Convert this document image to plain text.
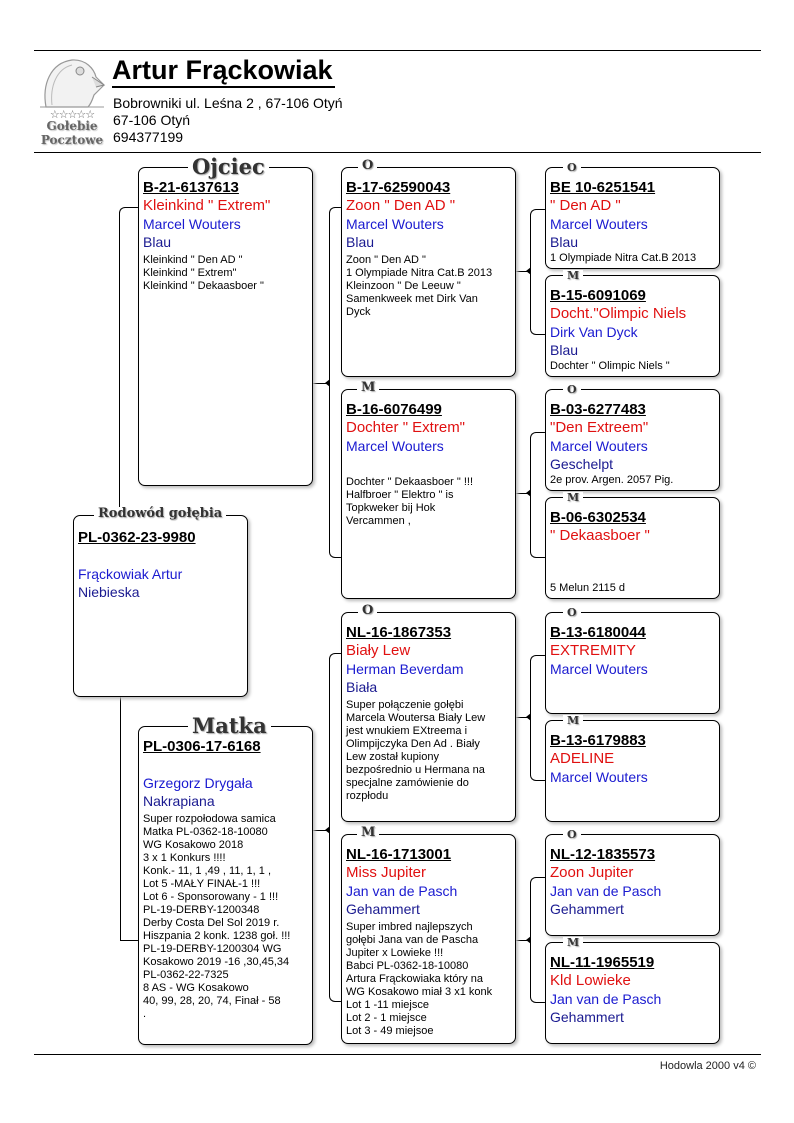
☆☆☆☆☆
Gołebie
Pocztowe
Artur Frąckowiak
Bobrowniki ul. Leśna 2 , 67-106 Otyń
67-106 Otyń
694377199
PL-0362-23-9980
Frąckowiak Artur
Niebieska
Rodowód gołębia
B-21-6137613
Kleinkind " Extrem"
Marcel Wouters
Blau
Kleinkind " Den AD "
Kleinkind " Extrem"
Kleinkind " Dekaasboer "
Ojciec
PL-0306-17-6168
Grzegorz Drygała
Nakrapiana
Super rozpołodowa samica
Matka PL-0362-18-10080
WG Kosakowo 2018
3 x 1 Konkurs !!!!
Konk.- 11, 1 ,49 , 11, 1, 1 ,
Lot 5 -MAŁY FINAŁ-1 !!!
Lot 6 - Sponsorowany - 1 !!!
PL-19-DERBY-1200348
Derby Costa Del Sol 2019 r.
Hiszpania 2 konk. 1238 goł. !!!
PL-19-DERBY-1200304 WG
Kosakowo 2019 -16 ,30,45,34
PL-0362-22-7325
8 AS - WG Kosakowo
40, 99, 28, 20, 74, Finał - 58
.
Matka
B-17-62590043
Zoon " Den AD "
Marcel Wouters
Blau
Zoon " Den AD "
1 Olympiade Nitra Cat.B 2013
Kleinzoon " De Leeuw "
Samenkweek met Dirk Van
Dyck
O
B-16-6076499
Dochter " Extrem"
Marcel Wouters
Dochter " Dekaasboer " !!!
Halfbroer " Elektro " is
Topkweker bij Hok
Vercammen ,
M
NL-16-1867353
Biały Lew
Herman Beverdam
Biała
Super połączenie gołębi
Marcela Woutersa Biały Lew
jest wnukiem EXtreema i
Olimpijczyka Den Ad . Biały
Lew został kupiony
bezpośrednio u Hermana na
specjalne zamówienie do
rozpłodu
O
NL-16-1713001
Miss Jupiter
Jan van de Pasch
Gehammert
Super imbred najlepszych
gołębi Jana van de Pascha
Jupiter x Lowieke !!!
Babci PL-0362-18-10080
Artura Frąckowiaka który na
WG Kosakowo miał 3 x1 konk
Lot 1 -11 miejsce
Lot 2 - 1 miejsce
Lot 3 - 49 miejsoe
M
BE 10-6251541
" Den AD "
Marcel Wouters
Blau
1 Olympiade Nitra Cat.B 2013
O
B-15-6091069
Docht."Olimpic Niels
Dirk Van Dyck
Blau
Dochter " Olimpic Niels "
M
B-03-6277483
"Den Extreem"
Marcel Wouters
Geschelpt
2e prov. Argen. 2057 Pig.
O
B-06-6302534
" Dekaasboer "
5 Melun 2115 d
M
B-13-6180044
EXTREMITY
Marcel Wouters
O
B-13-6179883
ADELINE
Marcel Wouters
M
NL-12-1835573
Zoon Jupiter
Jan van de Pasch
Gehammert
O
NL-11-1965519
Kld Lowieke
Jan van de Pasch
Gehammert
M
Hodowla 2000 v4 ©
